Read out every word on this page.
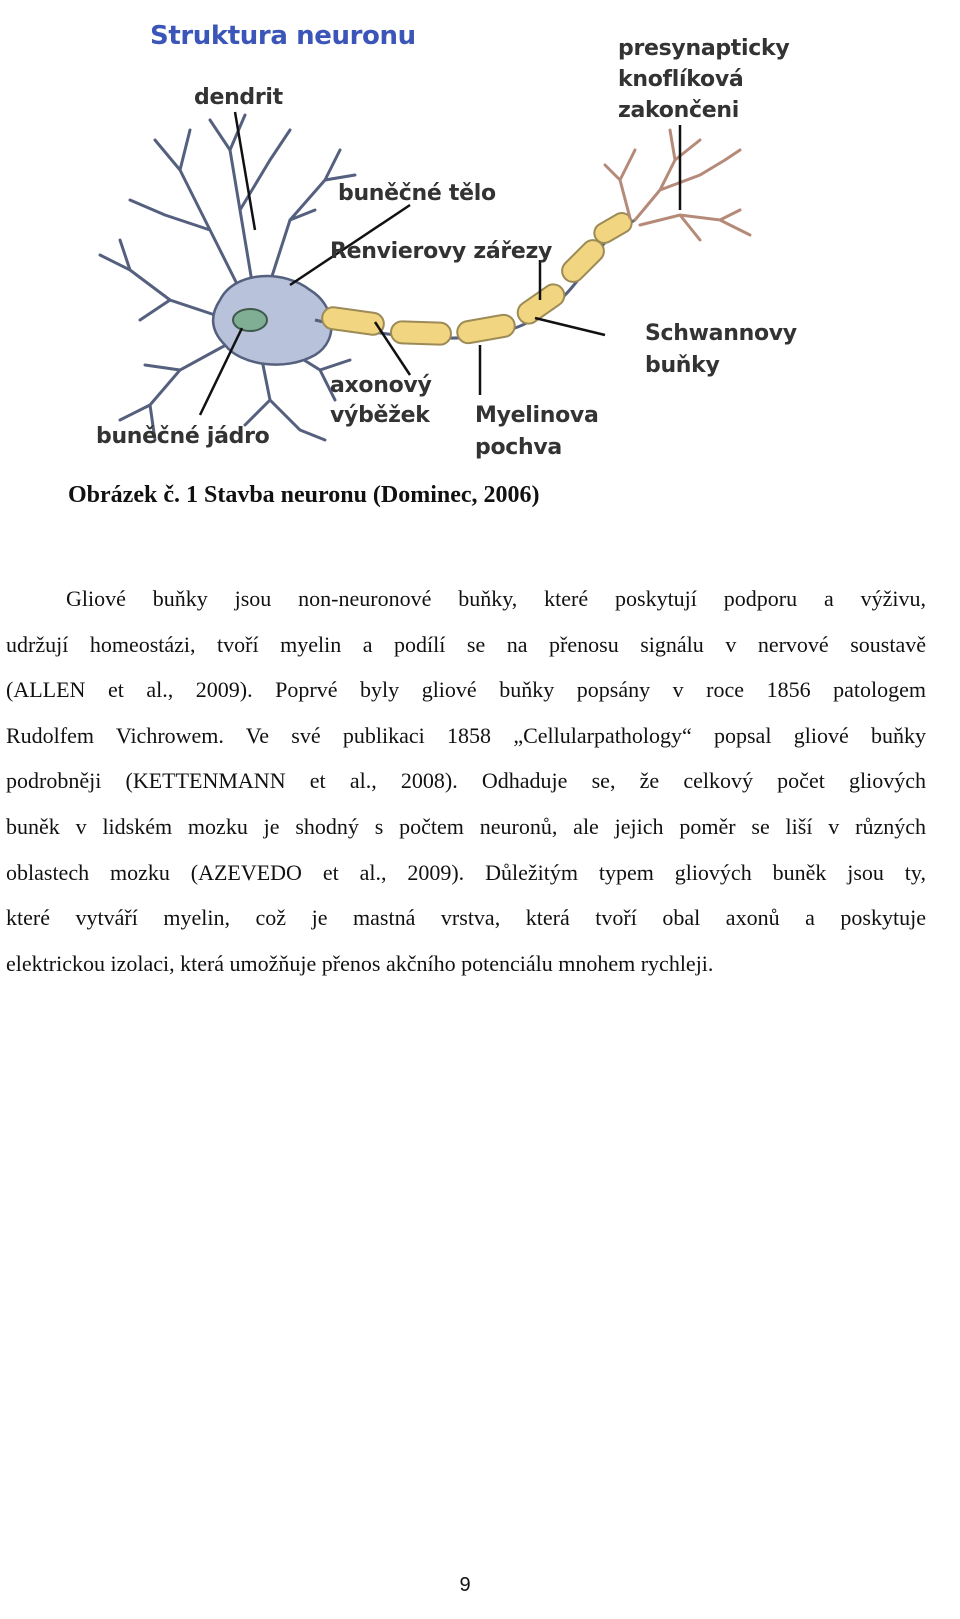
Struktura neuronu
dendrit
presynapticky
knoflíková
zakončeni
buněčné tělo
Renvierovy zářezy
Schwannovy
buňky
axonový
výběžek Myelinova
pochva
buněčné jádro
Obrázek č. 1 Stavba neuronu (Dominec, 2006)
Gliové buňky jsou non-neuronové buňky, které poskytují podporu a výživu,
udržují homeostázi, tvoří myelin a podílí se na přenosu signálu v nervové soustavě
(ALLEN et al., 2009). Poprvé byly gliové buňky popsány v roce 1856 patologem
Rudolfem Vichrowem. Ve své publikaci 1858 „Cellularpathology“ popsal gliové buňky
podrobněji (KETTENMANN et al., 2008). Odhaduje se, že celkový počet gliových
buněk v lidském mozku je shodný s počtem neuronů, ale jejich poměr se liší v různých
oblastech mozku (AZEVEDO et al., 2009). Důležitým typem gliových buněk jsou ty,
které vytváří myelin, což je mastná vrstva, která tvoří obal axonů a poskytuje
elektrickou izolaci, která umožňuje přenos akčního potenciálu mnohem rychleji.
9
